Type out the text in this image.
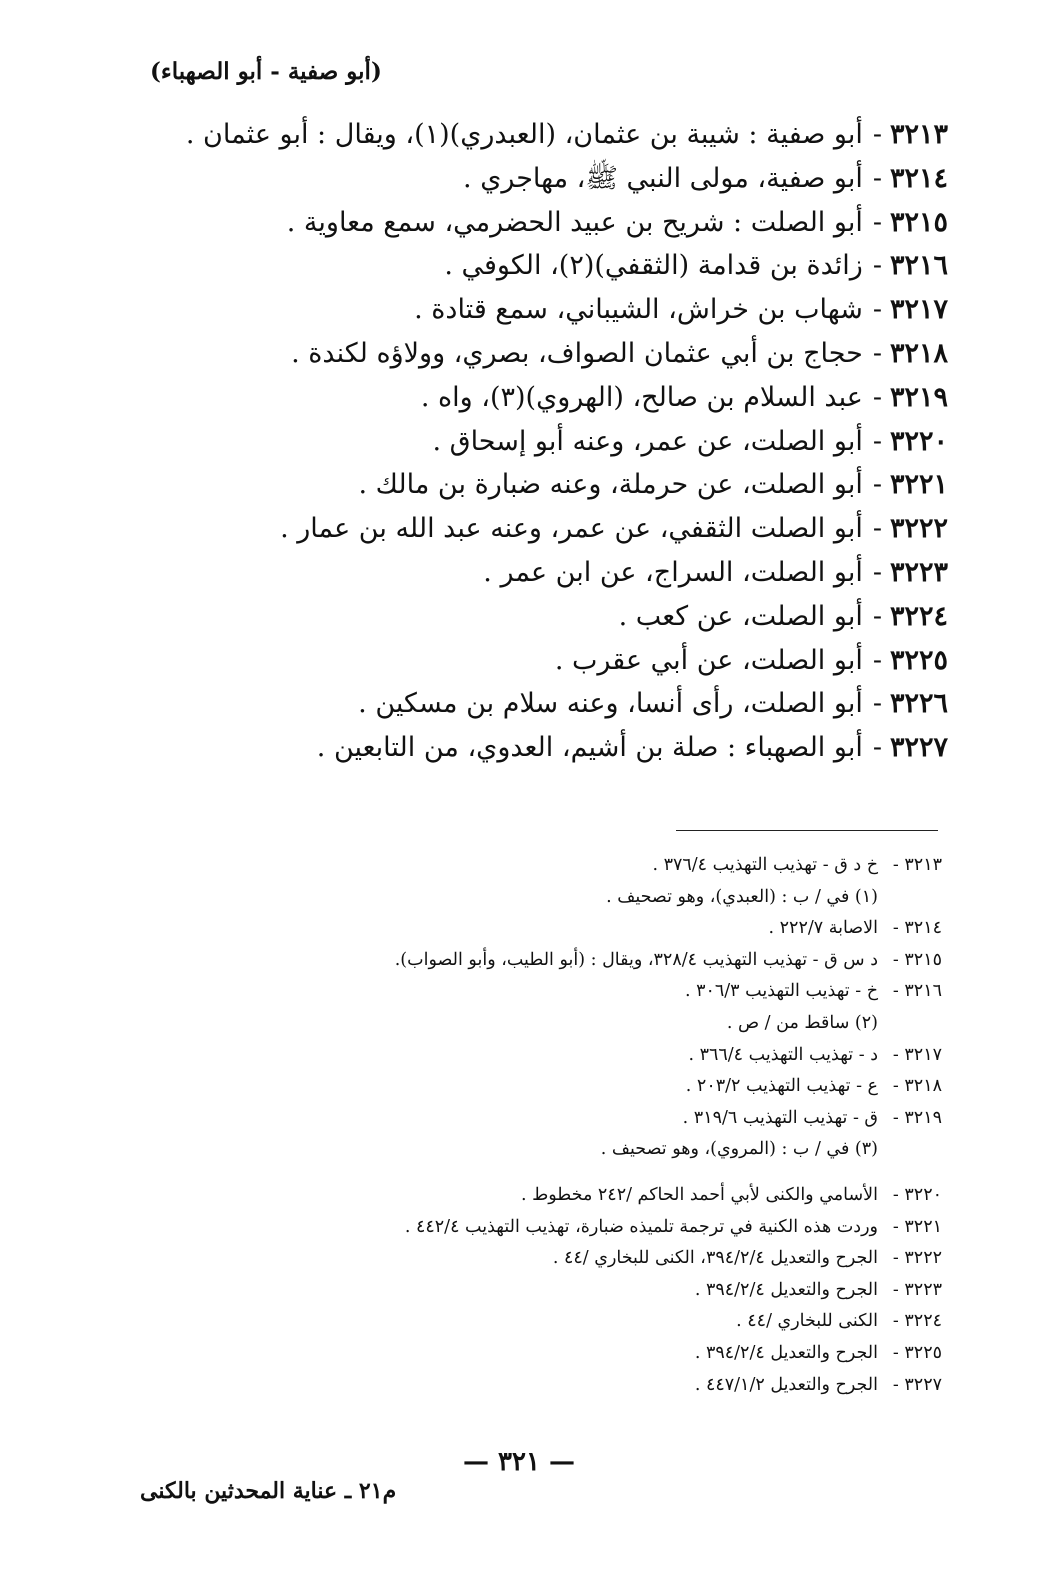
(أبو صفية - أبو الصهباء)
٣٢١٣
-
أبو صفية : شيبة بن عثمان، (العبدري)(١)، ويقال : أبو عثمان .
٣٢١٤
-
أبو صفية، مولى النبي ﷺ، مهاجري .
٣٢١٥
-
أبو الصلت : شريح بن عبيد الحضرمي، سمع معاوية .
٣٢١٦
-
زائدة بن قدامة (الثقفي)(٢)، الكوفي .
٣٢١٧
-
شهاب بن خراش، الشيباني، سمع قتادة .
٣٢١٨
-
حجاج بن أبي عثمان الصواف، بصري، وولاؤه لكندة .
٣٢١٩
-
عبد السلام بن صالح، (الهروي)(٣)، واه .
٣٢٢٠
-
أبو الصلت، عن عمر، وعنه أبو إسحاق .
٣٢٢١
-
أبو الصلت، عن حرملة، وعنه ضبارة بن مالك .
٣٢٢٢
-
أبو الصلت الثقفي، عن عمر، وعنه عبد الله بن عمار .
٣٢٢٣
-
أبو الصلت، السراج، عن ابن عمر .
٣٢٢٤
-
أبو الصلت، عن كعب .
٣٢٢٥
-
أبو الصلت، عن أبي عقرب .
٣٢٢٦
-
أبو الصلت، رأى أنسا، وعنه سلام بن مسكين .
٣٢٢٧
-
أبو الصهباء : صلة بن أشيم، العدوي، من التابعين .
٣٢١٣ -
خ د ق - تهذيب التهذيب ٣٧٦/٤ .
(١) في / ب : (العبدي)، وهو تصحيف .
٣٢١٤ -
الاصابة ٢٢٢/٧ .
٣٢١٥ -
د س ق - تهذيب التهذيب ٣٢٨/٤، ويقال : (أبو الطيب، وأبو الصواب).
٣٢١٦ -
خ - تهذيب التهذيب ٣٠٦/٣ .
(٢) ساقط من / ص .
٣٢١٧ -
د - تهذيب التهذيب ٣٦٦/٤ .
٣٢١٨ -
ع - تهذيب التهذيب ٢٠٣/٢ .
٣٢١٩ -
ق - تهذيب التهذيب ٣١٩/٦ .
(٣) في / ب : (المروي)، وهو تصحيف .
٣٢٢٠ -
الأسامي والكنى لأبي أحمد الحاكم /٢٤٢ مخطوط .
٣٢٢١ -
وردت هذه الكنية في ترجمة تلميذه ضبارة، تهذيب التهذيب ٤٤٢/٤ .
٣٢٢٢ -
الجرح والتعديل ٣٩٤/٢/٤، الكنى للبخاري /٤٤ .
٣٢٢٣ -
الجرح والتعديل ٣٩٤/٢/٤ .
٣٢٢٤ -
الكنى للبخاري /٤٤ .
٣٢٢٥ -
الجرح والتعديل ٣٩٤/٢/٤ .
٣٢٢٧ -
الجرح والتعديل ٤٤٧/١/٢ .
— ٣٢١ —
م٢١ ـ عناية المحدثين بالكنى
